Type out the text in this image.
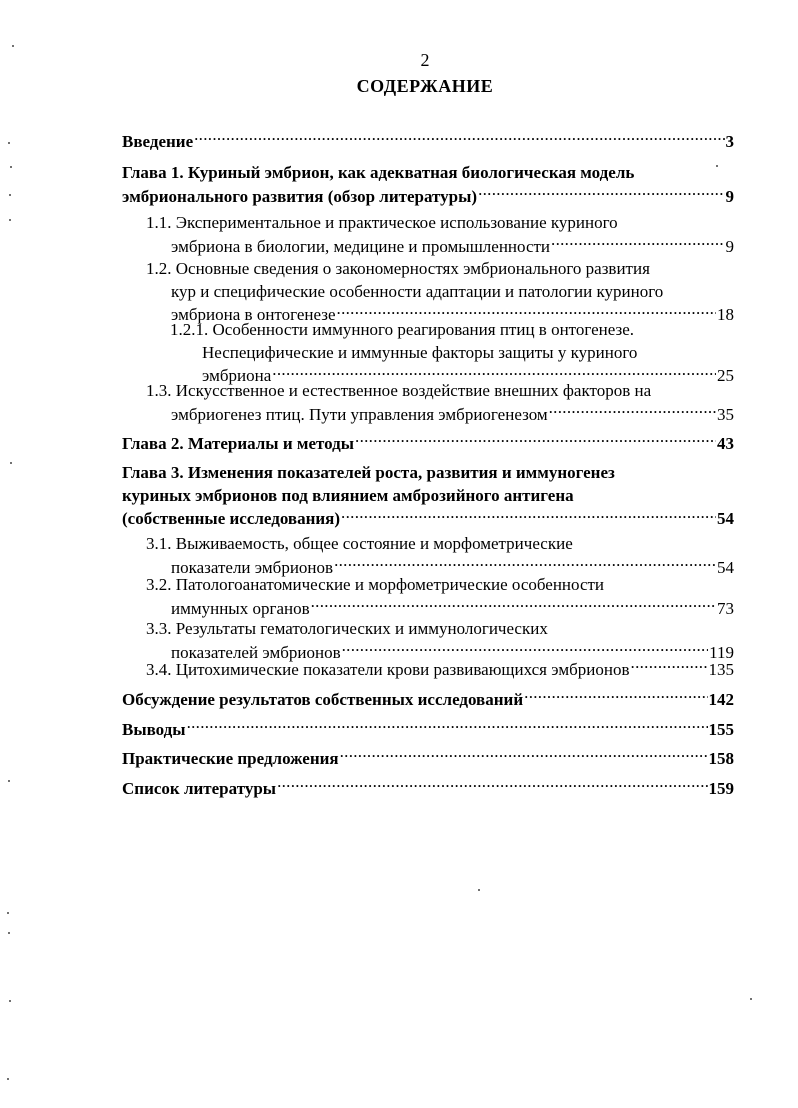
2
СОДЕРЖАНИЕ
Введение .....	3
Глава 1. Куриный эмбрион, как адекватная биологическая модель
эмбрионального развития (обзор литературы) .....	9
1.1. Экспериментальное и практическое использование куриного
эмбриона в биологии, медицине и промышленности .....	9
1.2. Основные сведения о закономерностях эмбрионального развития
кур и специфические особенности адаптации и патологии куриного
эмбриона в онтогенезе .....	18
1.2.1. Особенности иммунного реагирования птиц в онтогенезе.
Неспецифические и иммунные факторы защиты у куриного
эмбриона .....	25
1.3. Искусственное и естественное воздействие внешних факторов на
эмбриогенез птиц. Пути управления эмбриогенезом .....	35
Глава 2. Материалы и методы .....	43
Глава 3. Изменения показателей роста, развития и иммуногенез
куриных эмбрионов под влиянием амброзийного антигена
(собственные исследования) .....	54
3.1. Выживаемость, общее состояние и морфометрические
показатели эмбрионов .....	54
3.2. Патологоанатомические и морфометрические особенности
иммунных органов .....	73
3.3. Результаты гематологических и иммунологических
показателей эмбрионов .....	119
3.4. Цитохимические показатели крови развивающихся эмбрионов .....	135
Обсуждение результатов собственных исследований .....	142
Выводы .....	155
Практические предложения .....	158
Список литературы .....	159
